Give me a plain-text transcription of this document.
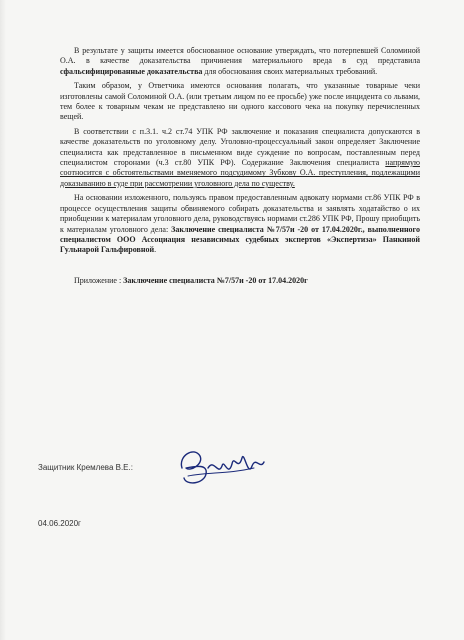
В результате у защиты имеется обоснованное основание утверждать, что потерпевшей Соломиной О.А. в качестве доказательства причинения материального вреда в суд представила сфальсифицированные доказательства для обоснования своих материальных требований.

Таким образом, у Ответчика имеются основания полагать, что указанные товарные чеки изготовлены самой Соломиной О.А. (или третьим лицом по ее просьбе) уже после инцидента со львами, тем более к товарным чекам не представлено ни одного кассового чека на покупку перечисленных вещей.

В соответствии с п.3.1. ч.2 ст.74 УПК РФ заключение и показания специалиста допускаются в качестве доказательств по уголовному делу. Уголовно-процессуальный закон определяет Заключение специалиста как представленное в письменном виде суждение по вопросам, поставленным перед специалистом сторонами (ч.3 ст.80 УПК РФ). Содержание Заключения специалиста напрямую соотносится с обстоятельствами вменяемого подсудимому Зубкову О.А. преступления, подлежащими доказыванию в суде при рассмотрении уголовного дела по существу.

На основании изложенного, пользуясь правом предоставленным адвокату нормами ст.86 УПК РФ в процессе осуществления защиты обвиняемого собирать доказательства и заявлять ходатайство о их приобщении к материалам уголовного дела, руководствуясь нормами ст.286 УПК РФ, Прошу приобщить к материалам уголовного дела: Заключение специалиста №7/57и -20 от 17.04.2020г., выполненного специалистом ООО Ассоциация независимых судебных экспертов «Экспертиза» Панкиной Гульнарой Гальфировной.

Приложение : Заключение специалиста №7/57и -20 от 17.04.2020г

Защитник Кремлева В.Е.:
04.06.2020г
